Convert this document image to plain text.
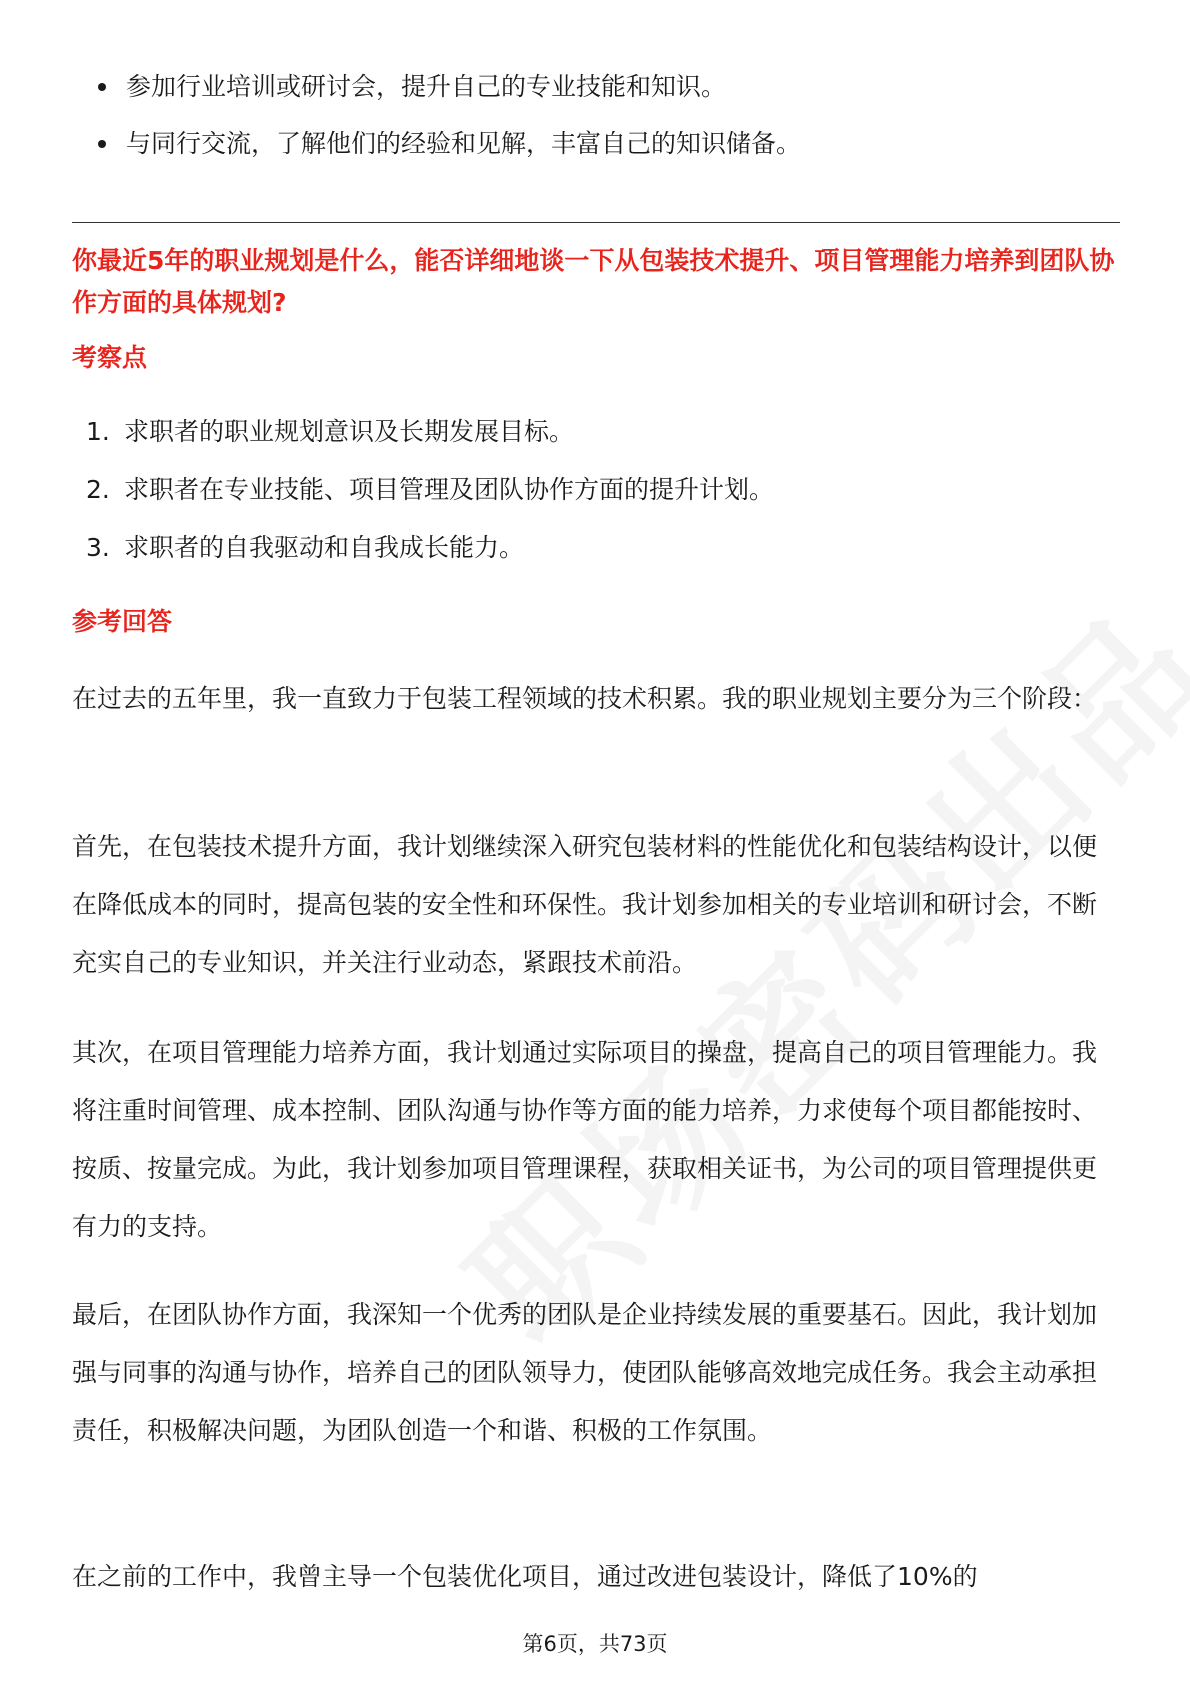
参加行业培训或研讨会，提升自己的专业技能和知识。
与同行交流，了解他们的经验和见解，丰富自己的知识储备。
你最近5年的职业规划是什么，能否详细地谈一下从包装技术提升、项目管理能力培养到团队协作方面的具体规划?
考察点
1. 求职者的职业规划意识及长期发展目标。
2. 求职者在专业技能、项目管理及团队协作方面的提升计划。
3. 求职者的自我驱动和自我成长能力。
参考回答

在过去的五年里，我一直致力于包装工程领域的技术积累。我的职业规划主要分为三个阶段：

首先，在包装技术提升方面，我计划继续深入研究包装材料的性能优化和包装结构设计，以便在降低成本的同时，提高包装的安全性和环保性。我计划参加相关的专业培训和研讨会，不断充实自己的专业知识，并关注行业动态，紧跟技术前沿。

其次，在项目管理能力培养方面，我计划通过实际项目的操盘，提高自己的项目管理能力。我将注重时间管理、成本控制、团队沟通与协作等方面的能力培养，力求使每个项目都能按时、按质、按量完成。为此，我计划参加项目管理课程，获取相关证书，为公司的项目管理提供更有力的支持。

最后，在团队协作方面，我深知一个优秀的团队是企业持续发展的重要基石。因此，我计划加强与同事的沟通与协作，培养自己的团队领导力，使团队能够高效地完成任务。我会主动承担责任，积极解决问题，为团队创造一个和谐、积极的工作氛围。

在之前的工作中，我曾主导一个包装优化项目，通过改进包装设计，降低了10%的

第6页，共73页
